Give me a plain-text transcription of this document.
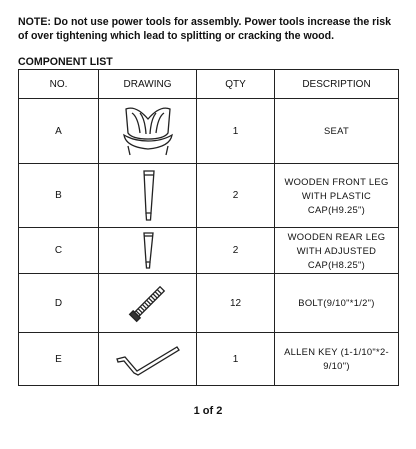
NOTE: Do not use power tools for assembly. Power tools increase the risk of over tightening which lead to splitting or cracking the wood.
COMPONENT LIST
NO.	DRAWING	QTY	DESCRIPTION
A		1	SEAT
B		2	WOODEN FRONT LEG WITH PLASTIC CAP(H9.25")
C		2	WOODEN REAR LEG WITH ADJUSTED CAP(H8.25")
D		12	BOLT(9/10"*1/2")
E		1	ALLEN KEY (1-1/10"*2-9/10")
1 of 2
